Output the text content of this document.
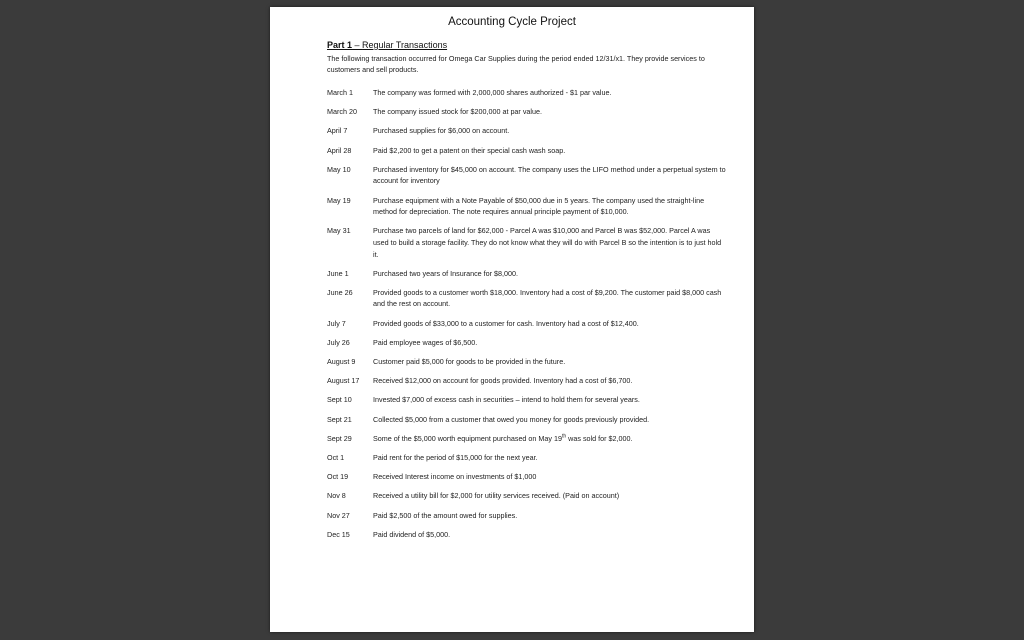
Accounting Cycle Project
Part 1 – Regular Transactions
The following transaction occurred for Omega Car Supplies during the period ended 12/31/x1. They provide services to customers and sell products.
March 1	The company was formed with 2,000,000 shares authorized - $1 par value.
March 20	The company issued stock for $200,000 at par value.
April 7	Purchased supplies for $6,000 on account.
April 28	Paid $2,200 to get a patent on their special cash wash soap.
May 10	Purchased inventory for $45,000 on account. The company uses the LIFO method under a perpetual system to account for inventory
May 19	Purchase equipment with a Note Payable of $50,000 due in 5 years. The company used the straight-line method for depreciation. The note requires annual principle payment of $10,000.
May 31	Purchase two parcels of land for $62,000 - Parcel A was $10,000 and Parcel B was $52,000. Parcel A was used to build a storage facility. They do not know what they will do with Parcel B so the intention is to just hold it.
June 1	Purchased two years of Insurance for $8,000.
June 26	Provided goods to a customer worth $18,000. Inventory had a cost of $9,200. The customer paid $8,000 cash and the rest on account.
July 7	Provided goods of $33,000 to a customer for cash. Inventory had a cost of $12,400.
July 26	Paid employee wages of $6,500.
August 9	Customer paid $5,000 for goods to be provided in the future.
August 17	Received $12,000 on account for goods provided. Inventory had a cost of $6,700.
Sept 10	Invested $7,000 of excess cash in securities – intend to hold them for several years.
Sept 21	Collected $5,000 from a customer that owed you money for goods previously provided.
Sept 29	Some of the $5,000 worth equipment purchased on May 19th was sold for $2,000.
Oct 1	Paid rent for the period of $15,000 for the next year.
Oct 19	Received Interest income on investments of $1,000
Nov 8	Received a utility bill for $2,000 for utility services received. (Paid on account)
Nov 27	Paid $2,500 of the amount owed for supplies.
Dec 15	Paid dividend of $5,000.
